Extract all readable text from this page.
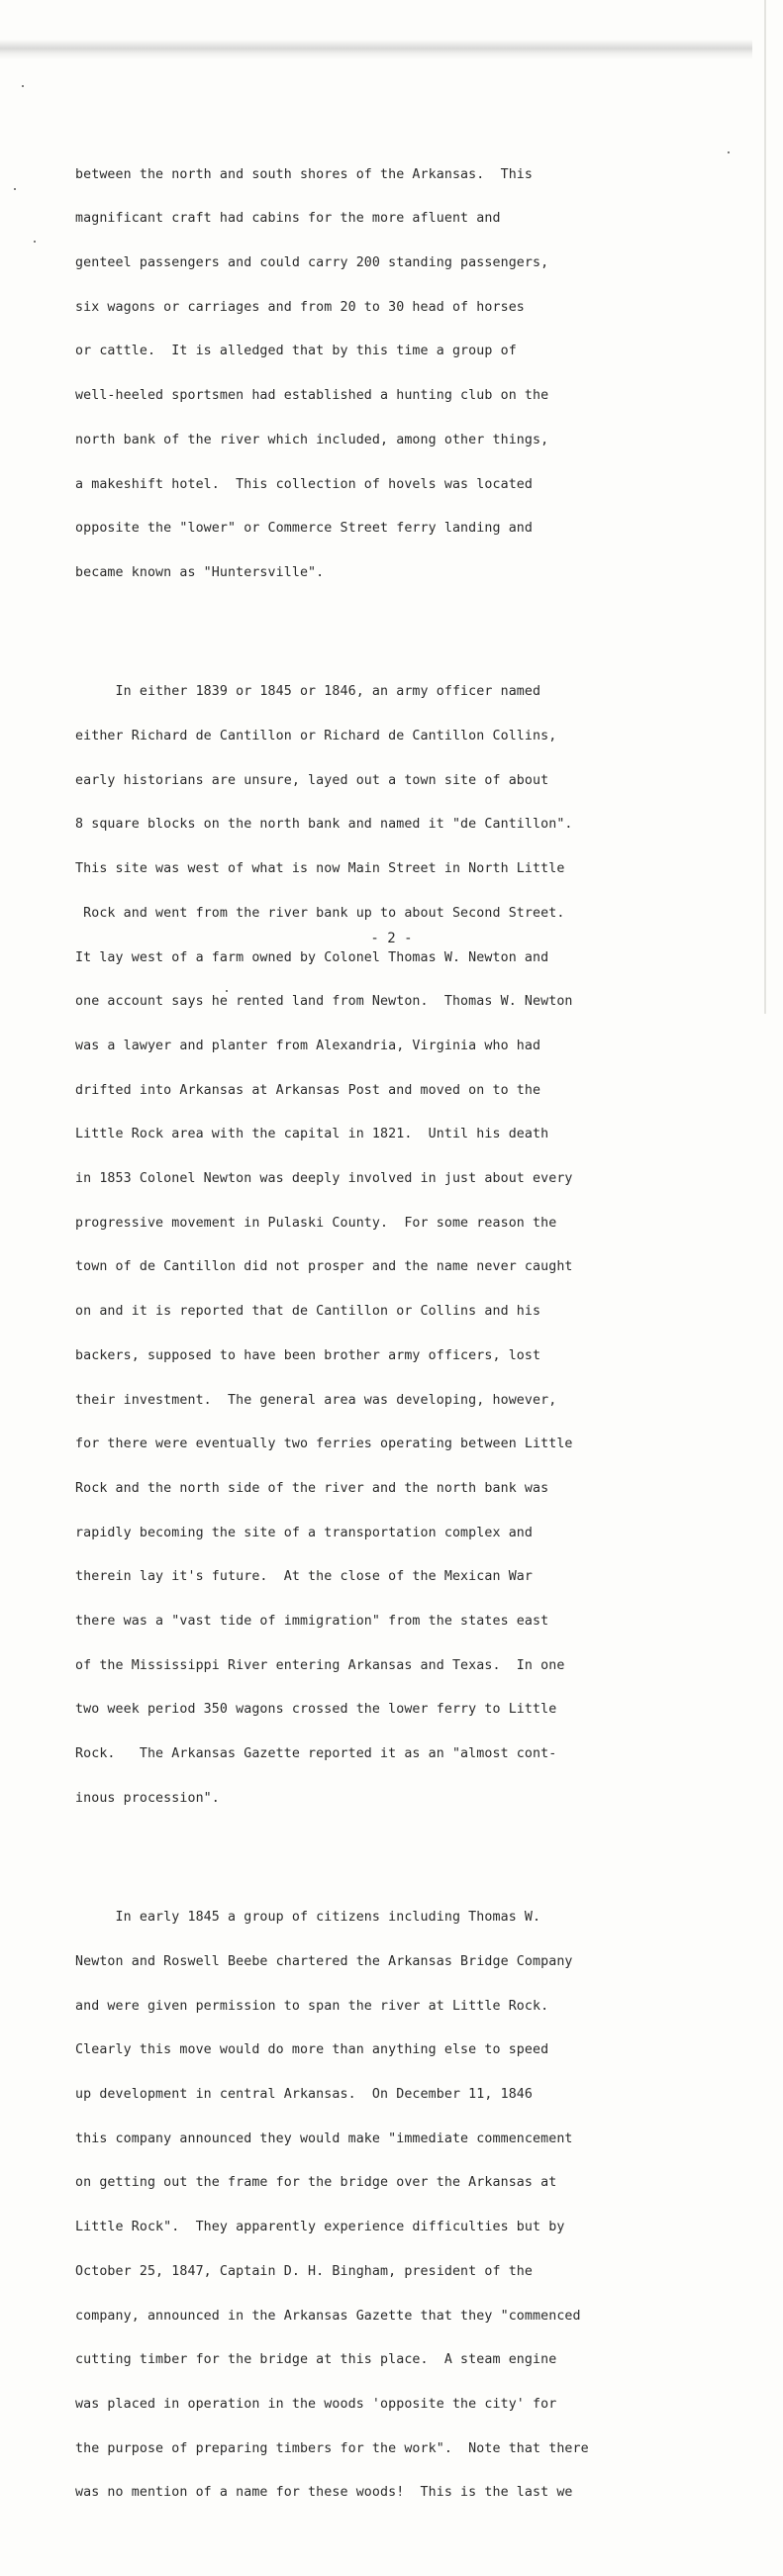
between the north and south shores of the Arkansas.  This

magnificant craft had cabins for the more afluent and

genteel passengers and could carry 200 standing passengers,

six wagons or carriages and from 20 to 30 head of horses

or cattle.  It is alledged that by this time a group of

well-heeled sportsmen had established a hunting club on the

north bank of the river which included, among other things,

a makeshift hotel.  This collection of hovels was located

opposite the "lower" or Commerce Street ferry landing and

became known as "Huntersville".

In either 1839 or 1845 or 1846, an army officer named

either Richard de Cantillon or Richard de Cantillon Collins,

early historians are unsure, layed out a town site of about

8 square blocks on the north bank and named it "de Cantillon".

This site was west of what is now Main Street in North Little

Rock and went from the river bank up to about Second Street.

It lay west of a farm owned by Colonel Thomas W. Newton and

one account says he rented land from Newton.  Thomas W. Newton

was a lawyer and planter from Alexandria, Virginia who had

drifted into Arkansas at Arkansas Post and moved on to the

Little Rock area with the capital in 1821.  Until his death

in 1853 Colonel Newton was deeply involved in just about every

progressive movement in Pulaski County.  For some reason the

town of de Cantillon did not prosper and the name never caught

on and it is reported that de Cantillon or Collins and his

backers, supposed to have been brother army officers, lost

their investment.  The general area was developing, however,

for there were eventually two ferries operating between Little

Rock and the north side of the river and the north bank was

rapidly becoming the site of a transportation complex and

therein lay it's future.  At the close of the Mexican War

there was a "vast tide of immigration" from the states east

of the Mississippi River entering Arkansas and Texas.  In one

two week period 350 wagons crossed the lower ferry to Little

Rock.   The Arkansas Gazette reported it as an "almost cont-

inous procession".

In early 1845 a group of citizens including Thomas W.

Newton and Roswell Beebe chartered the Arkansas Bridge Company

and were given permission to span the river at Little Rock.

Clearly this move would do more than anything else to speed

up development in central Arkansas.  On December 11, 1846

this company announced they would make "immediate commencement

on getting out the frame for the bridge over the Arkansas at

Little Rock".  They apparently experience difficulties but by

October 25, 1847, Captain D. H. Bingham, president of the

company, announced in the Arkansas Gazette that they "commenced

cutting timber for the bridge at this place.  A steam engine

was placed in operation in the woods 'opposite the city' for

the purpose of preparing timbers for the work".  Note that there

was no mention of a name for these woods!  This is the last we

- 2 -
